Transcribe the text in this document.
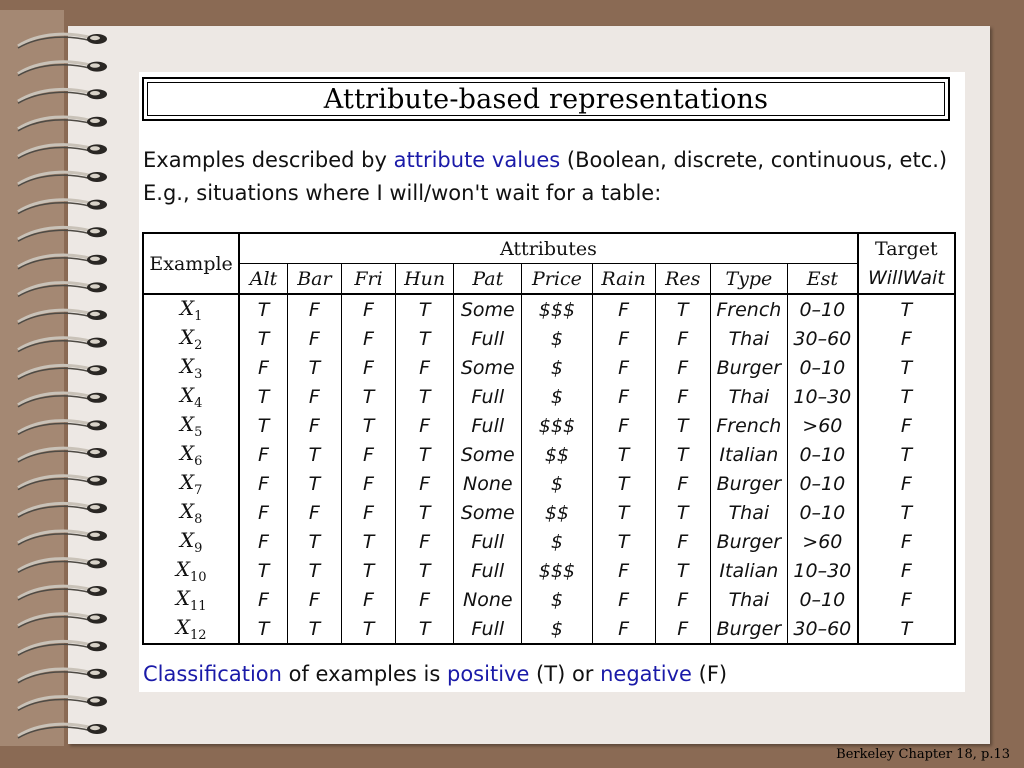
Attribute-based representations
Examples described by attribute values (Boolean, discrete, continuous, etc.)
E.g., situations where I will/won't wait for a table:
Example	Attributes										Target
	Alt	Bar	Fri	Hun	Pat	Price	Rain	Res	Type	Est	WillWait
$X_1$	T	F	F	T	Some	$$$	F	T	French	0–10	T
$X_2$	T	F	F	T	Full	$	F	F	Thai	30–60	F
$X_3$	F	T	F	F	Some	$	F	F	Burger	0–10	T
$X_4$	T	F	T	T	Full	$	F	F	Thai	10–30	T
$X_5$	T	F	T	F	Full	$$$	F	T	French	>60	F
$X_6$	F	T	F	T	Some	$$	T	T	Italian	0–10	T
$X_7$	F	T	F	F	None	$	T	F	Burger	0–10	F
$X_8$	F	F	F	T	Some	$$	T	T	Thai	0–10	T
$X_9$	F	T	T	F	Full	$	T	F	Burger	>60	F
$X_{10}$	T	T	T	T	Full	$$$	F	T	Italian	10–30	F
$X_{11}$	F	F	F	F	None	$	F	F	Thai	0–10	F
$X_{12}$	T	T	T	T	Full	$	F	F	Burger	30–60	T
Classification of examples is positive (T) or negative (F)
Berkeley Chapter 18, p.13
